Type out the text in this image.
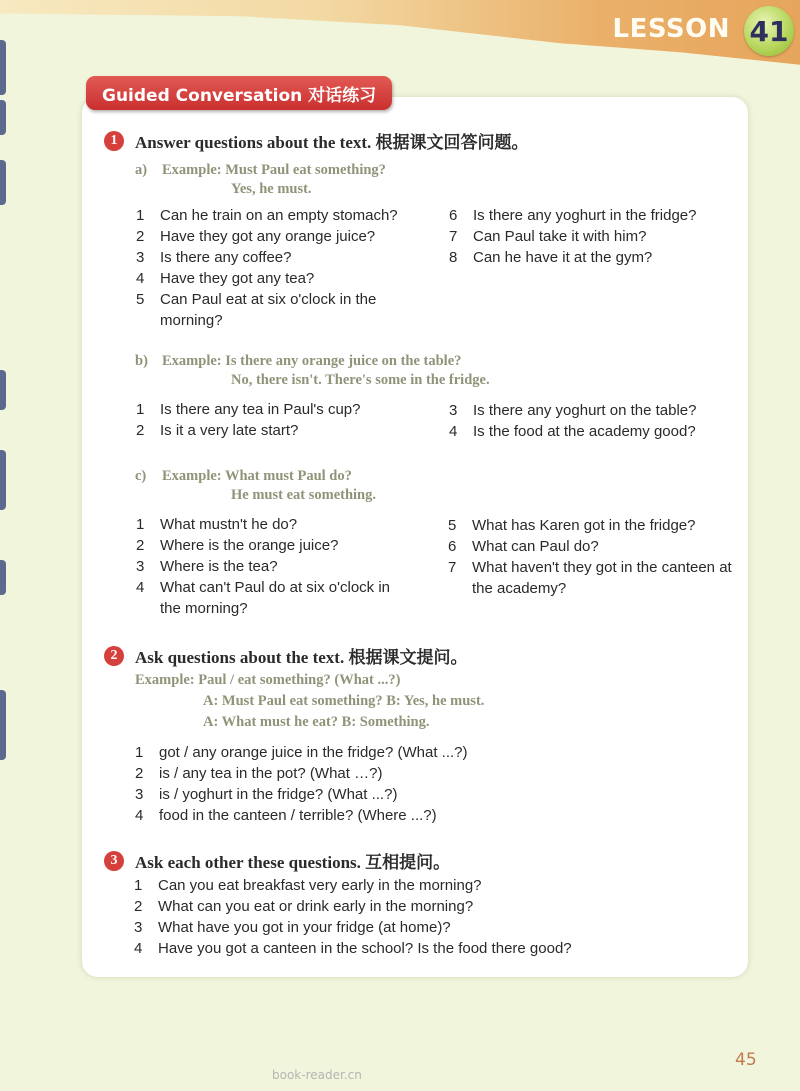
LESSON 41
Guided Conversation 对话练习
1	Answer questions about the text. 根据课文回答问题。
a) Example: Must Paul eat something?
Yes, he must.
1	Can he train on an empty stomach?
2	Have they got any orange juice?
3	Is there any coffee?
4	Have they got any tea?
5	Can Paul eat at six o'clock in the morning?
6	Is there any yoghurt in the fridge?
7	Can Paul take it with him?
8	Can he have it at the gym?
b) Example: Is there any orange juice on the table?
No, there isn't. There's some in the fridge.
1	Is there any tea in Paul's cup?
2	Is it a very late start?
3	Is there any yoghurt on the table?
4	Is the food at the academy good?
c) Example: What must Paul do?
He must eat something.
1	What mustn't he do?
2	Where is the orange juice?
3	Where is the tea?
4	What can't Paul do at six o'clock in the morning?
5	What has Karen got in the fridge?
6	What can Paul do?
7	What haven't they got in the canteen at the academy?
2	Ask questions about the text. 根据课文提问。
Example: Paul / eat something? (What ...?)
A: Must Paul eat something? B: Yes, he must.
A: What must he eat? B: Something.
1	got / any orange juice in the fridge? (What ...?)
2	is / any tea in the pot? (What …?)
3	is / yoghurt in the fridge? (What ...?)
4	food in the canteen / terrible? (Where ...?)
3	Ask each other these questions. 互相提问。
1	Can you eat breakfast very early in the morning?
2	What can you eat or drink early in the morning?
3	What have you got in your fridge (at home)?
4	Have you got a canteen in the school? Is the food there good?
45
book-reader.cn
